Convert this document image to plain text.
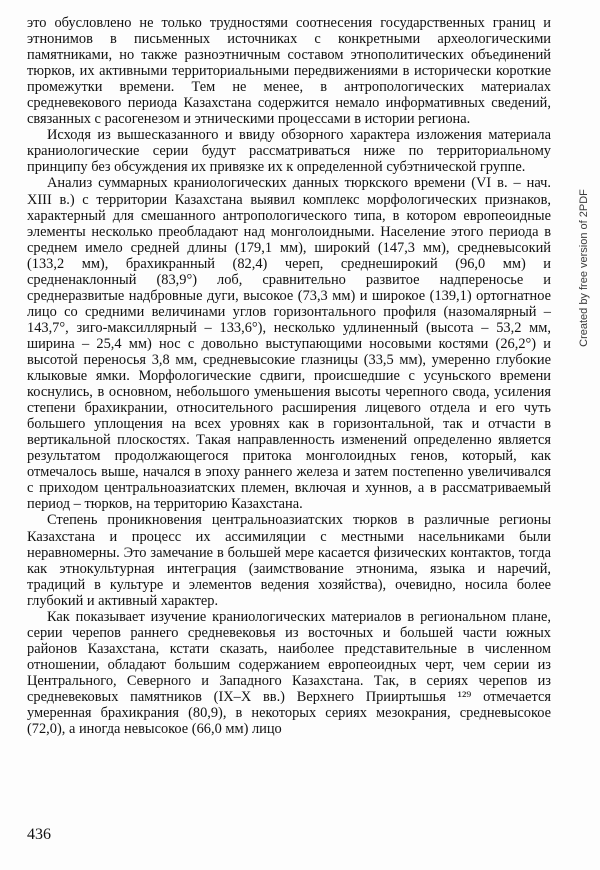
это обусловлено не только трудностями соотнесения государственных границ и этнонимов в письменных источниках с конкретными археологическими памятниками, но также разноэтничным составом этнополитических объединений тюрков, их активными территориальными передвижениями в исторически короткие промежутки времени. Тем не менее, в антропологических материалах средневекового периода Казахстана содержится немало информативных сведений, связанных с расогенезом и этническими процессами в истории региона.

Исходя из вышесказанного и ввиду обзорного характера изложения материала краниологические серии будут рассматриваться ниже по территориальному принципу без обсуждения их привязке их к определенной субэтнической группе.

Анализ суммарных краниологических данных тюркского времени (VI в. – нач. XIII в.) с территории Казахстана выявил комплекс морфологических признаков, характерный для смешанного антропологического типа, в котором европеоидные элементы несколько преобладают над монголоидными. Население этого периода в среднем имело средней длины (179,1 мм), широкий (147,3 мм), средневысокий (133,2 мм), брахикранный (82,4) череп, среднеширокий (96,0 мм) и средненаклонный (83,9°) лоб, сравнительно развитое надпереносье и среднеразвитые надбровные дуги, высокое (73,3 мм) и широкое (139,1) ортогнатное лицо со средними величинами углов горизонтального профиля (назомалярный – 143,7°, зиго-максиллярный – 133,6°), несколько удлиненный (высота – 53,2 мм, ширина – 25,4 мм) нос с довольно выступающими носовыми костями (26,2°) и высотой переносья 3,8 мм, средневысокие глазницы (33,5 мм), умеренно глубокие клыковые ямки. Морфологические сдвиги, происшедшие с усуньского времени коснулись, в основном, небольшого уменьшения высоты черепного свода, усиления степени брахикрании, относительного расширения лицевого отдела и его чуть большего уплощения на всех уровнях как в горизонтальной, так и отчасти в вертикальной плоскостях. Такая направленность изменений определенно является результатом продолжающегося притока монголоидных генов, который, как отмечалось выше, начался в эпоху раннего железа и затем постепенно увеличивался с приходом центральноазиатских племен, включая и хуннов, а в рассматриваемый период – тюрков, на территорию Казахстана.

Степень проникновения центральноазиатских тюрков в различные регионы Казахстана и процесс их ассимиляции с местными насельниками были неравномерны. Это замечание в большей мере касается физических контактов, тогда как этнокультурная интеграция (заимствование этнонима, языка и наречий, традиций в культуре и элементов ведения хозяйства), очевидно, носила более глубокий и активный характер.

Как показывает изучение краниологических материалов в региональном плане, серии черепов раннего средневековья из восточных и большей части южных районов Казахстана, кстати сказать, наиболее представительные в численном отношении, обладают большим содержанием европеоидных черт, чем серии из Центрального, Северного и Западного Казахстана. Так, в сериях черепов из средневековых памятников (IX–X вв.) Верхнего Прииртышья ¹²⁹ отмечается умеренная брахикрания (80,9), в некоторых сериях мезокрания, средневысокое (72,0), а иногда невысокое (66,0 мм) лицо

436
Created by free version of 2PDF
